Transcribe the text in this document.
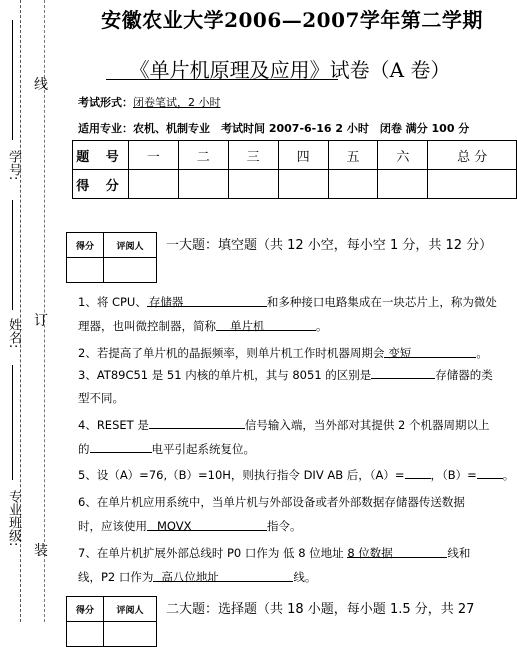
学号:
姓名:
专业班级:
线
订
装
安徽农业大学2006—2007学年第二学期
《单片机原理及应用》试卷（A 卷）
考试形式：闭卷笔试，2 小时
适用专业：农机、机制专业　考试时间 2007-6-16 2 小时　闭卷 满分 100 分
题 号	一	二	三	四	五	六	总 分
得 分							
得分	评阅人
	一大题：填空题（共 12 小空，每小空 1 分，共 12 分）
1、将 CPU、 存储器	和多种接口电路集成在一块芯片上，称为微处
理器，也叫微控制器，简称 单片机	。
2、若提高了单片机的晶振频率，则单片机工作时机器周期会 变短	。
3、AT89C51 是 51 内核的单片机，其与 8051 的区别是	存储器的类
型不同。
4、RESET 是	信号输入端，当外部对其提供 2 个机器周期以上
的	电平引起系统复位。
5、设（A）=76,（B）=10H，则执行指令 DIV AB 后，（A）= ，（B）= 。
6、在单片机应用系统中，当单片机与外部设备或者外部数据存储器传送数据
时，应该使用 MOVX	指令。
7、在单片机扩展外部总线时 P0 口作为 低 8 位地址 8 位数据	线和
线，P2 口作为 高八位地址	线。
得分	评阅人
	二大题：选择题（共 18 小题，每小题 1.5 分，共 27
